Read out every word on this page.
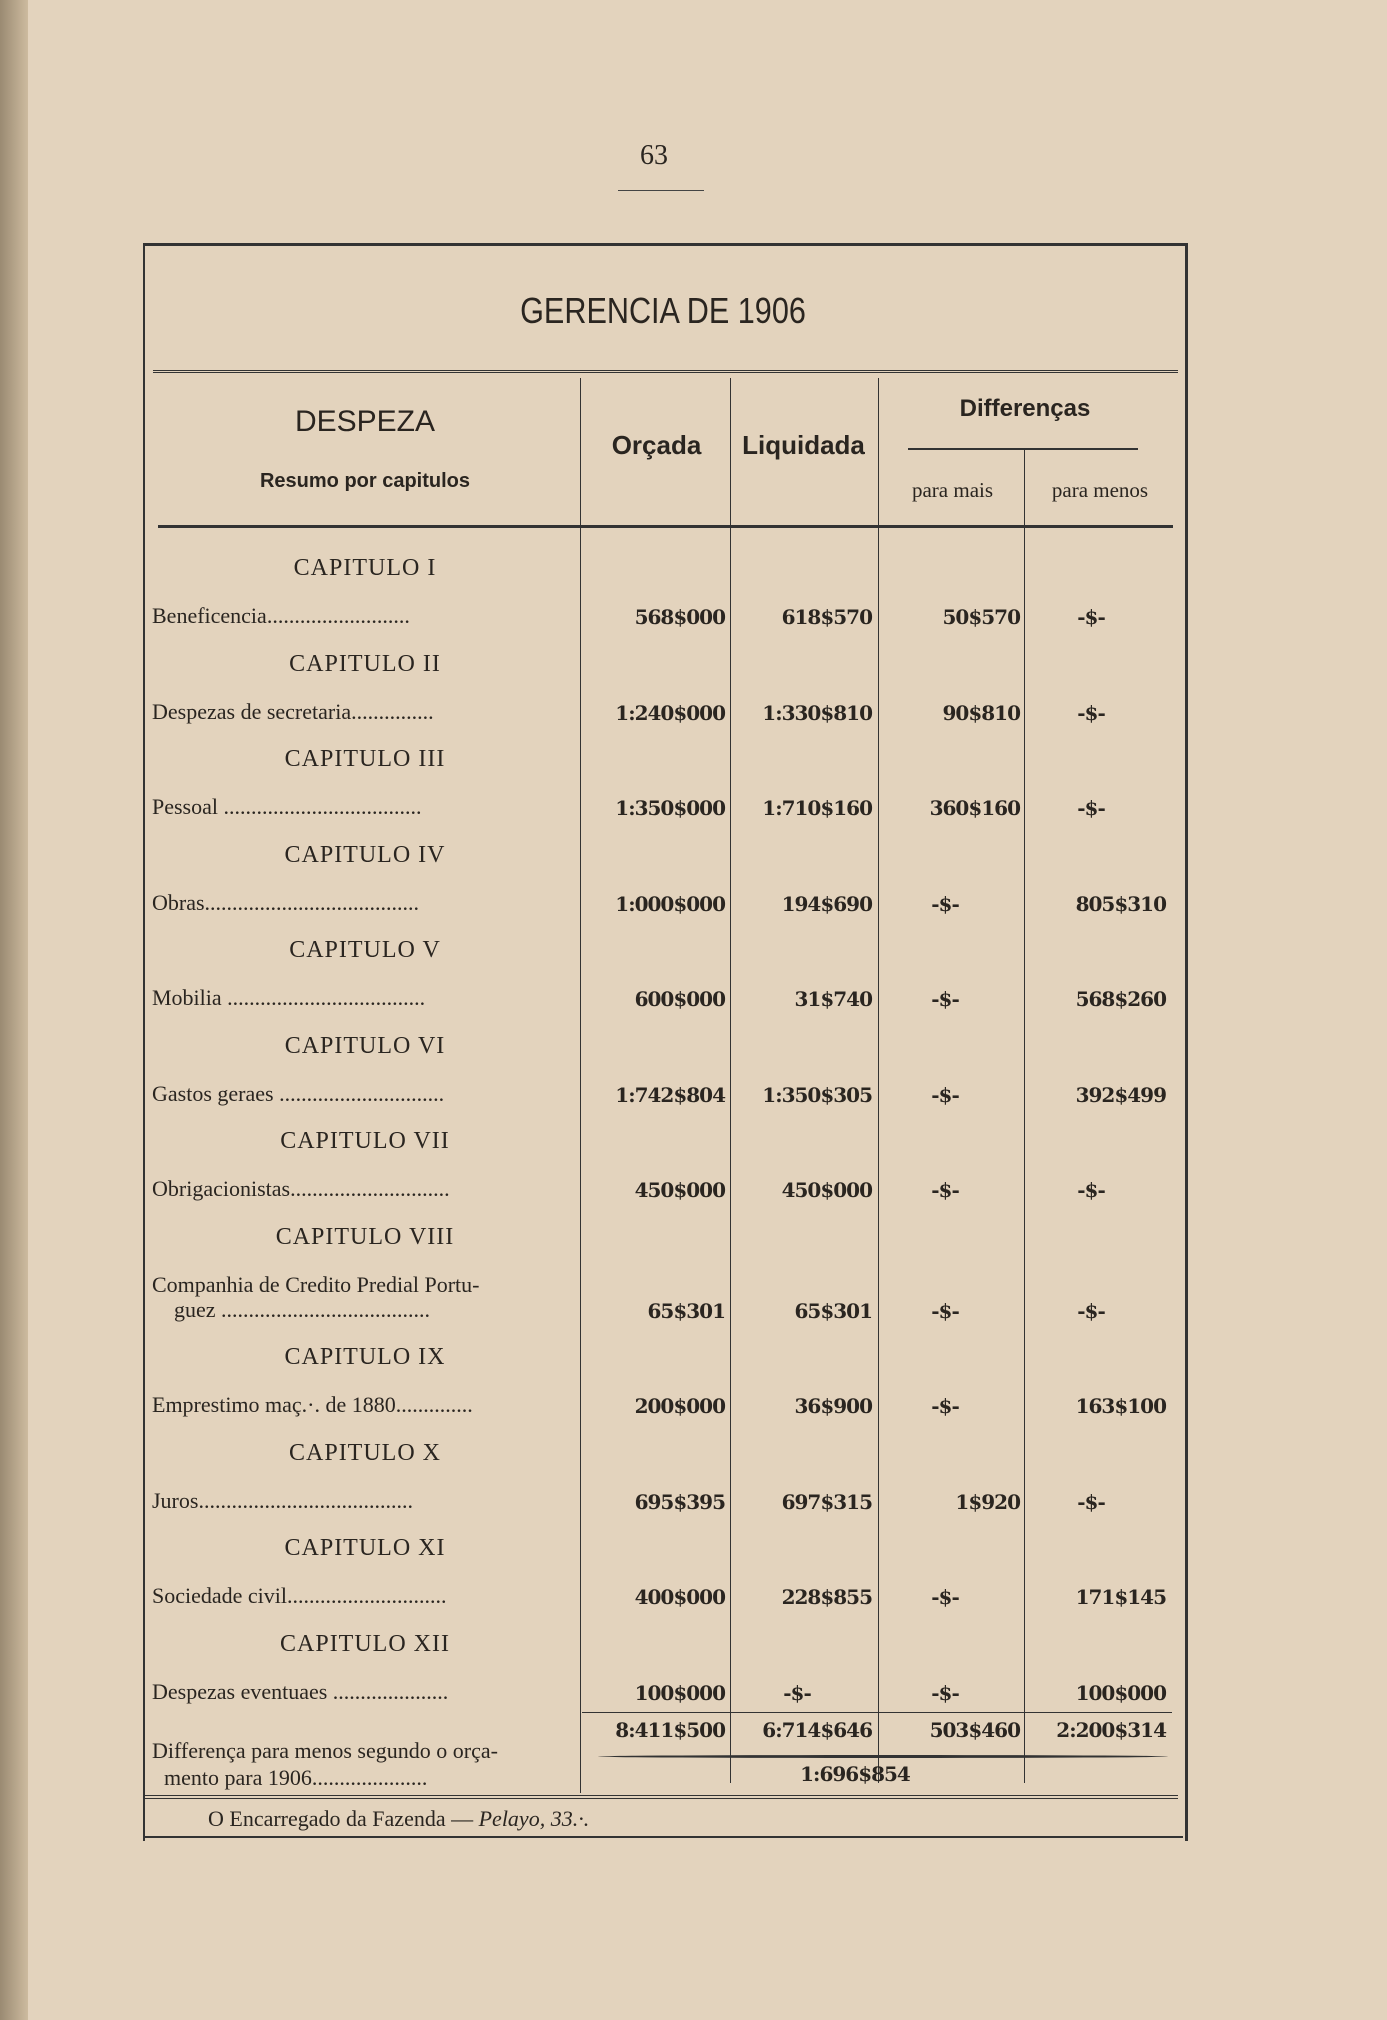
63
GERENCIA DE 1906
DESPEZA
Resumo por capitulos
Orçada	Liquidada
Differenças
para mais	para menos
CAPITULO I
Beneficencia..........................	568$000	618$570	50$570	-$-
CAPITULO II
Despezas de secretaria...............	1:240$000	1:330$810	90$810	-$-
CAPITULO III
Pessoal ....................................	1:350$000	1:710$160	360$160	-$-
CAPITULO IV
Obras.......................................	1:000$000	194$690	-$-	805$310
CAPITULO V
Mobilia ....................................	600$000	31$740	-$-	568$260
CAPITULO VI
Gastos geraes ..............................	1:742$804	1:350$305	-$-	392$499
CAPITULO VII
Obrigacionistas.............................	450$000	450$000	-$-	-$-
CAPITULO VIII
Companhia de Credito Predial Portu-
guez ......................................	65$301	65$301	-$-	-$-
CAPITULO IX
Emprestimo maç.·. de 1880..............	200$000	36$900	-$-	163$100
CAPITULO X
Juros.......................................	695$395	697$315	1$920	-$-
CAPITULO XI
Sociedade civil.............................	400$000	228$855	-$-	171$145
CAPITULO XII
Despezas eventuaes .....................	100$000	-$-	-$-	100$000
8:411$500	6:714$646	503$460	2:200$314
Differença para menos segundo o orça-
mento para 1906.....................	1:696$854
O Encarregado da Fazenda — Pelayo, 33.·.
